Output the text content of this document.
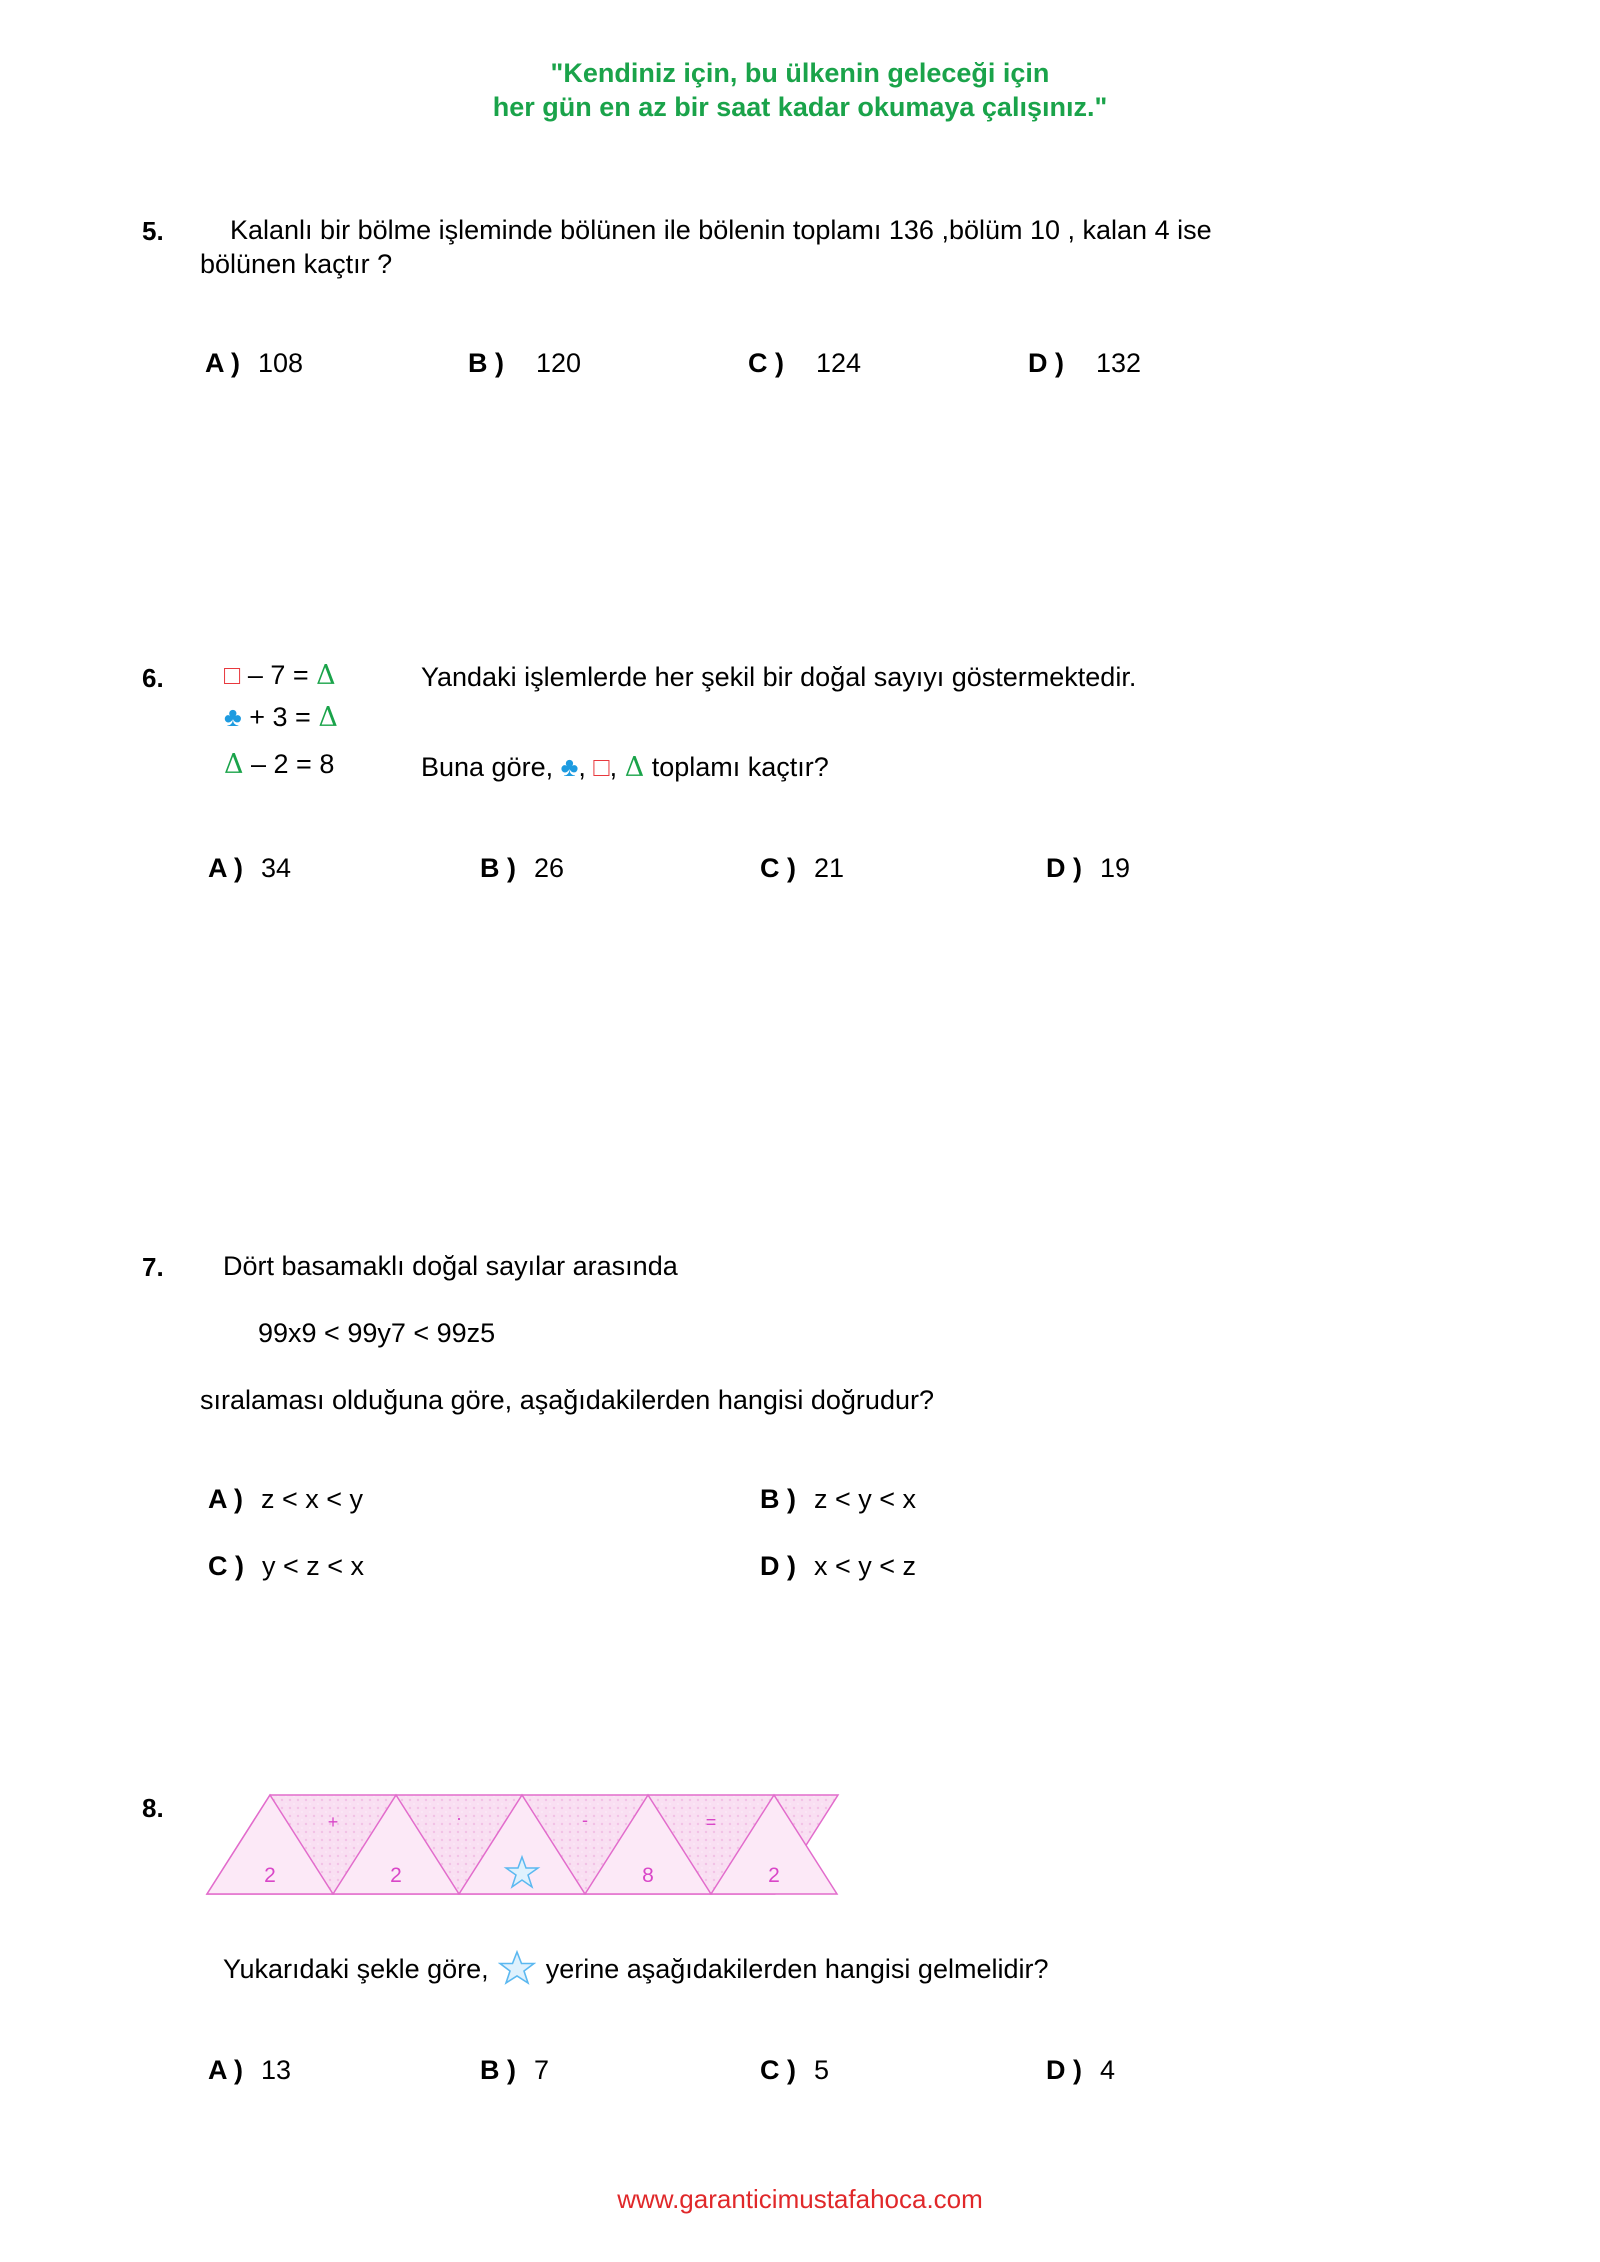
"Kendiniz için, bu ülkenin geleceği için
her gün en az bir saat kadar okumaya çalışınız."
5. Kalanlı bir bölme işleminde bölünen ile bölenin toplamı 136 ,bölüm 10 , kalan 4 ise
bölünen kaçtır ?
A ) 108	B ) 120	C ) 124	D ) 132
6. □ – 7 = Δ
♣ + 3 = Δ
Δ – 2 = 8
Yandaki işlemlerde her şekil bir doğal sayıyı göstermektedir.
Buna göre, ♣, □, Δ toplamı kaçtır?
A ) 34	B ) 26	C ) 21	D ) 19
7. Dört basamaklı doğal sayılar arasında
99x9 < 99y7 < 99z5
sıralaması olduğuna göre, aşağıdakilerden hangisi doğrudur?
A ) z < x < y	B ) z < y < x
C ) y < z < x	D ) x < y < z
8.
2	2	8	2
+	·	-	=
Yukarıdaki şekle göre, yerine aşağıdakilerden hangisi gelmelidir?
A ) 13	B ) 7	C ) 5	D ) 4
www.garanticimustafahoca.com
